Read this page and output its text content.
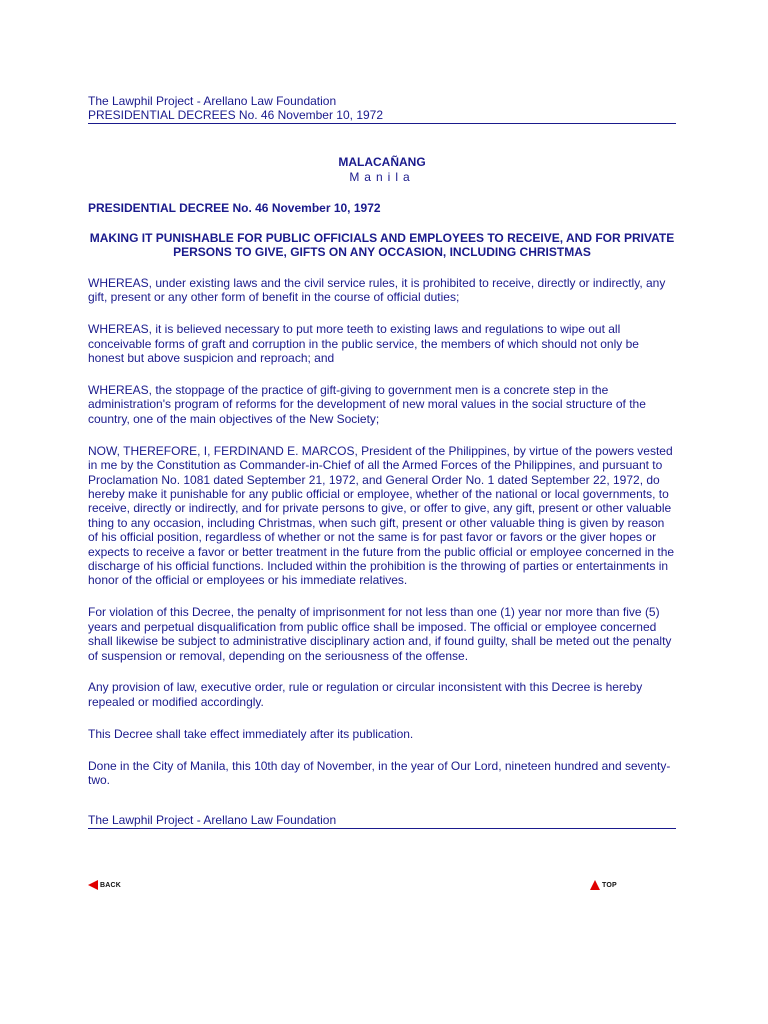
The Lawphil Project - Arellano Law Foundation

PRESIDENTIAL DECREES No. 46 November 10, 1972

MALACAÑANG
Manila
PRESIDENTIAL DECREE No. 46 November 10, 1972
MAKING IT PUNISHABLE FOR PUBLIC OFFICIALS AND EMPLOYEES TO RECEIVE, AND FOR PRIVATE PERSONS TO GIVE, GIFTS ON ANY OCCASION, INCLUDING CHRISTMAS

WHEREAS, under existing laws and the civil service rules, it is prohibited to receive, directly or indirectly, any gift, present or any other form of benefit in the course of official duties;

WHEREAS, it is believed necessary to put more teeth to existing laws and regulations to wipe out all conceivable forms of graft and corruption in the public service, the members of which should not only be honest but above suspicion and reproach; and

WHEREAS, the stoppage of the practice of gift-giving to government men is a concrete step in the administration's program of reforms for the development of new moral values in the social structure of the country, one of the main objectives of the New Society;

NOW, THEREFORE, I, FERDINAND E. MARCOS, President of the Philippines, by virtue of the powers vested in me by the Constitution as Commander-in-Chief of all the Armed Forces of the Philippines, and pursuant to Proclamation No. 1081 dated September 21, 1972, and General Order No. 1 dated September 22, 1972, do hereby make it punishable for any public official or employee, whether of the national or local governments, to receive, directly or indirectly, and for private persons to give, or offer to give, any gift, present or other valuable thing to any occasion, including Christmas, when such gift, present or other valuable thing is given by reason of his official position, regardless of whether or not the same is for past favor or favors or the giver hopes or expects to receive a favor or better treatment in the future from the public official or employee concerned in the discharge of his official functions. Included within the prohibition is the throwing of parties or entertainments in honor of the official or employees or his immediate relatives.

For violation of this Decree, the penalty of imprisonment for not less than one (1) year nor more than five (5) years and perpetual disqualification from public office shall be imposed. The official or employee concerned shall likewise be subject to administrative disciplinary action and, if found guilty, shall be meted out the penalty of suspension or removal, depending on the seriousness of the offense.

Any provision of law, executive order, rule or regulation or circular inconsistent with this Decree is hereby repealed or modified accordingly.

This Decree shall take effect immediately after its publication.

Done in the City of Manila, this 10th day of November, in the year of Our Lord, nineteen hundred and seventy-two.

The Lawphil Project - Arellano Law Foundation

BACK	TOP
